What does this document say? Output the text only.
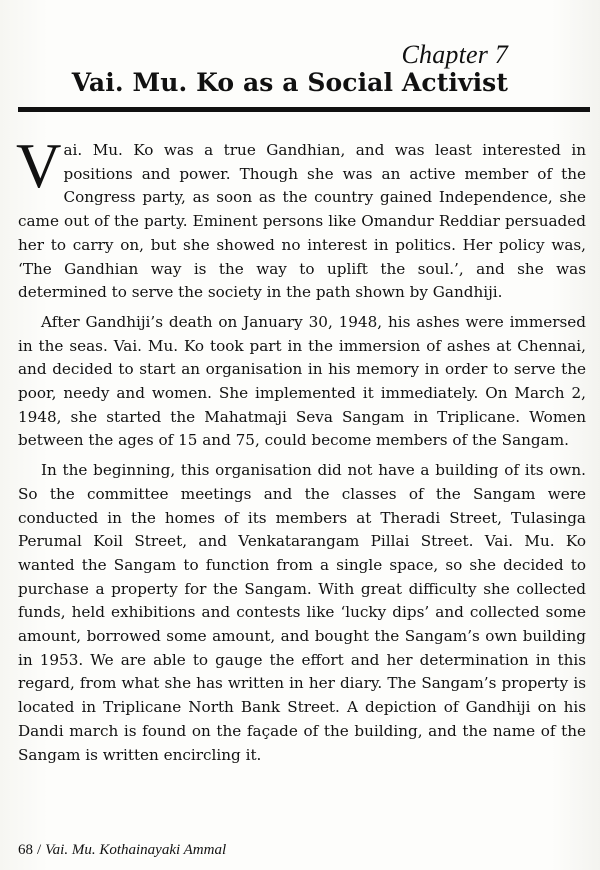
Chapter 7
Vai. Mu. Ko as a Social Activist

Vai. Mu. Ko was a true Gandhian, and was least interested in positions and power. Though she was an active member of the Congress party, as soon as the country gained Independence, she came out of the party. Eminent persons like Omandur Reddiar persuaded her to carry on, but she showed no interest in politics. Her policy was, ‘The Gandhian way is the way to uplift the soul.’, and she was determined to serve the society in the path shown by Gandhiji.

After Gandhiji’s death on January 30, 1948, his ashes were immersed in the seas. Vai. Mu. Ko took part in the immersion of ashes at Chennai, and decided to start an organisation in his memory in order to serve the poor, needy and women. She implemented it immediately. On March 2, 1948, she started the Mahatmaji Seva Sangam in Triplicane. Women between the ages of 15 and 75, could become members of the Sangam.

In the beginning, this organisation did not have a building of its own. So the committee meetings and the classes of the Sangam were conducted in the homes of its members at Theradi Street, Tulasinga Perumal Koil Street, and Venkatarangam Pillai Street. Vai. Mu. Ko wanted the Sangam to function from a single space, so she decided to purchase a property for the Sangam. With great difficulty she collected funds, held exhibitions and contests like ‘lucky dips’ and collected some amount, borrowed some amount, and bought the Sangam’s own building in 1953. We are able to gauge the effort and her determination in this regard, from what she has written in her diary. The Sangam’s property is located in Triplicane North Bank Street. A depiction of Gandhiji on his Dandi march is found on the façade of the building, and the name of the Sangam is written encircling it.

68 / Vai. Mu. Kothainayaki Ammal
